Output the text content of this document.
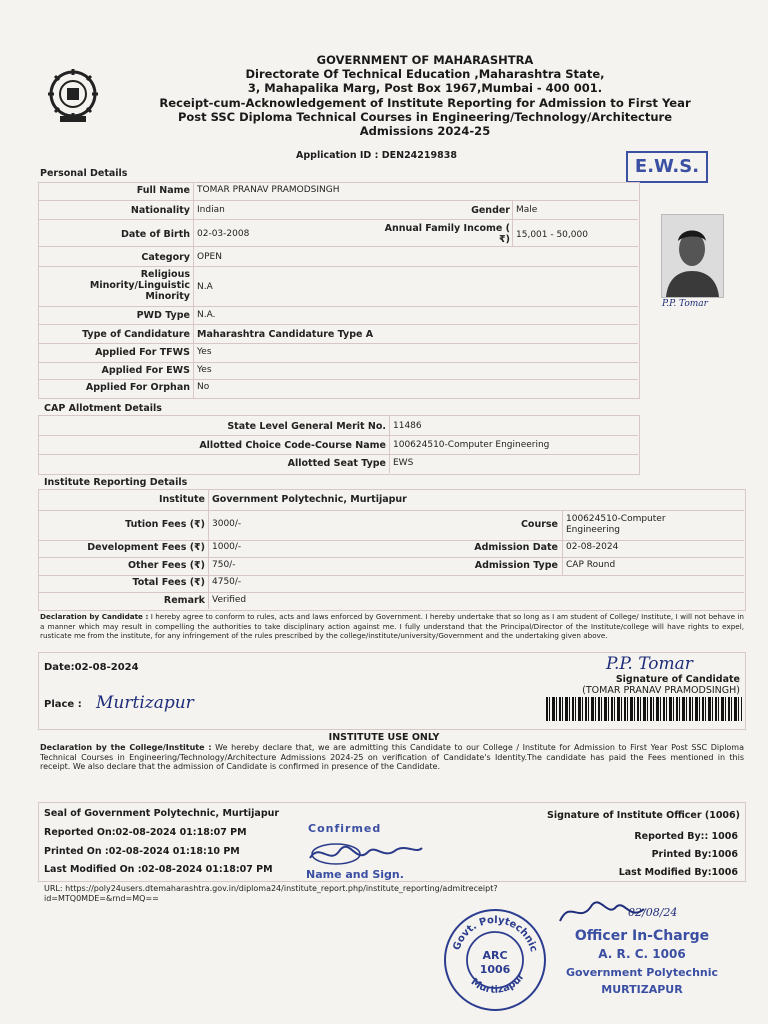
GOVERNMENT OF MAHARASHTRA
Directorate Of Technical Education ,Maharashtra State,
3, Mahapalika Marg, Post Box 1967,Mumbai - 400 001.
Receipt-cum-Acknowledgement of Institute Reporting for Admission to First Year
Post SSC Diploma Technical Courses in Engineering/Technology/Architecture
Admissions 2024-25
Application ID : DEN24219838
E.W.S.
Personal Details
Full Name TOMAR PRANAV PRAMODSINGH
Nationality Indian	Gender Male
Date of Birth 02-03-2008	Annual Family Income (
₹) 15,001 - 50,000
Category OPEN
Religious
Minority/Linguistic
Minority
N.A
PWD Type N.A.
Type of Candidature Maharashtra Candidature Type A
Applied For TFWS Yes
Applied For EWS Yes
Applied For Orphan No
P.P. Tomar
CAP Allotment Details
State Level General Merit No. 11486
Allotted Choice Code-Course Name 100624510-Computer Engineering
Allotted Seat Type EWS
Institute Reporting Details
Institute Government Polytechnic, Murtijapur
Tution Fees (₹) 3000/-	Course 100624510-Computer
Engineering
Development Fees (₹) 1000/-	Admission Date 02-08-2024
Other Fees (₹) 750/-	Admission Type CAP Round
Total Fees (₹) 4750/-
Remark Verified
Declaration by Candidate : I hereby agree to conform to rules, acts and laws enforced by Government. I hereby undertake that so long as I am student of College/ Institute, I will not behave in a manner which may result in compelling the authorities to take disciplinary action against me. I fully understand that the Principal/Director of the Institute/college will have rights to expel, rusticate me from the institute, for any infringement of the rules prescribed by the college/institute/university/Government and the undertaking given above.
Date:02-08-2024
Place : Murtizapur
P.P. Tomar
Signature of Candidate
(TOMAR PRANAV PRAMODSINGH)
INSTITUTE USE ONLY
Declaration by the College/Institute : We hereby declare that, we are admitting this Candidate to our College / Institute for Admission to First Year Post SSC Diploma Technical Courses in Engineering/Technology/Architecture Admissions 2024-25 on verification of Candidate's Identity.The candidate has paid the Fees mentioned in this receipt. We also declare that the admission of Candidate is confirmed in presence of the Candidate.
Seal of Government Polytechnic, Murtijapur	Signature of Institute Officer (1006)
Reported On:02-08-2024 01:18:07 PM
Printed On :02-08-2024 01:18:10 PM
Last Modified On :02-08-2024 01:18:07 PM
Reported By:: 1006
Printed By:1006
Last Modified By:1006
Confirmed
Name and Sign.
URL: https://poly24users.dtemaharashtra.gov.in/diploma24/institute_report.php/institute_reporting/admitreceipt?
id=MTQ0MDE=&rnd=MQ==
Govt. Polytechnic
Murtizapur
ARC
1006
02/08/24
Officer In-Charge
A. R. C. 1006
Government Polytechnic
MURTIZAPUR
